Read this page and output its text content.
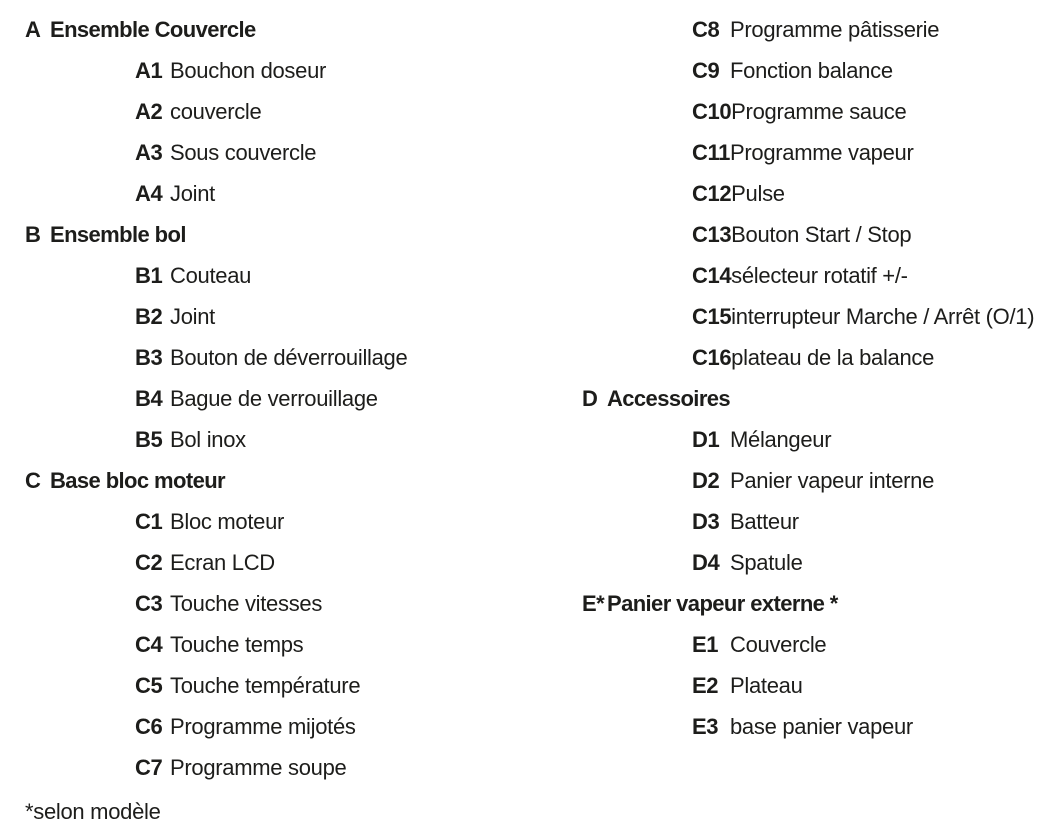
A Ensemble Couvercle
A1 Bouchon doseur
A2 couvercle
A3 Sous couvercle
A4 Joint
B Ensemble bol
B1 Couteau
B2 Joint
B3 Bouton de déverrouillage
B4 Bague de verrouillage
B5 Bol inox
C Base bloc moteur
C1 Bloc moteur
C2 Ecran LCD
C3 Touche vitesses
C4 Touche temps
C5 Touche température
C6 Programme mijotés
C7 Programme soupe
C8 Programme pâtisserie
C9 Fonction balance
C10 Programme sauce
C11 Programme vapeur
C12 Pulse
C13 Bouton Start / Stop
C14 sélecteur rotatif +/-
C15 interrupteur Marche / Arrêt (O/1)
C16 plateau de la balance
D Accessoires
D1 Mélangeur
D2 Panier vapeur interne
D3 Batteur
D4 Spatule
E* Panier vapeur externe *
E1 Couvercle
E2 Plateau
E3 base panier vapeur
*selon modèle
